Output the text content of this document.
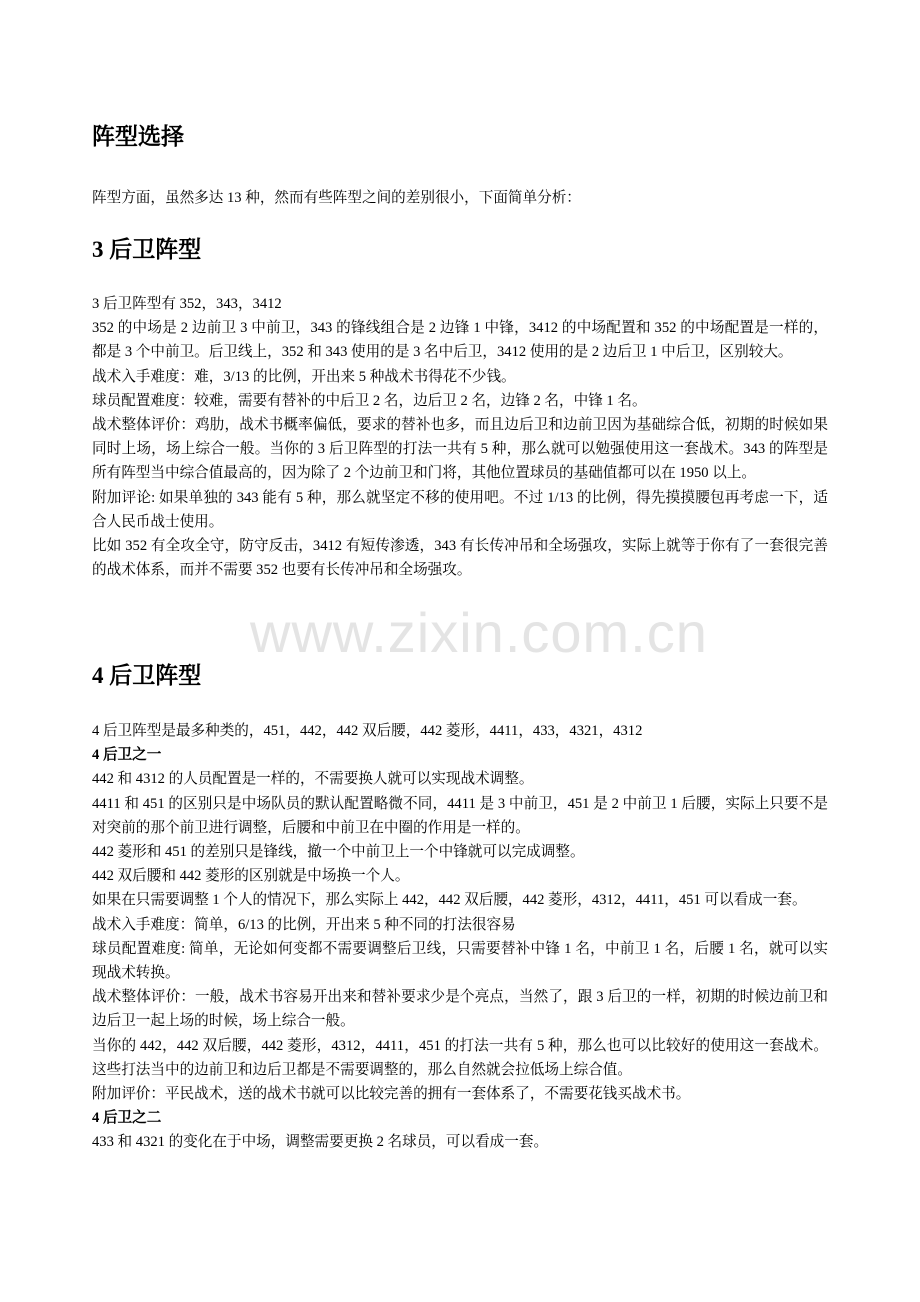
www.zixin.com.cn
阵型选择

阵型方面，虽然多达 13 种，然而有些阵型之间的差别很小，下面简单分析：

3 后卫阵型

3 后卫阵型有 352，343，3412

352 的中场是 2 边前卫 3 中前卫，343 的锋线组合是 2 边锋 1 中锋，3412 的中场配置和 352 的中场配置是一样的，都是 3 个中前卫。后卫线上，352 和 343 使用的是 3 名中后卫，3412 使用的是 2 边后卫 1 中后卫，区别较大。

战术入手难度：难，3/13 的比例，开出来 5 种战术书得花不少钱。

球员配置难度：较难，需要有替补的中后卫 2 名，边后卫 2 名，边锋 2 名，中锋 1 名。

战术整体评价：鸡肋，战术书概率偏低，要求的替补也多，而且边后卫和边前卫因为基础综合低，初期的时候如果同时上场，场上综合一般。当你的 3 后卫阵型的打法一共有 5 种，那么就可以勉强使用这一套战术。343 的阵型是所有阵型当中综合值最高的，因为除了 2 个边前卫和门将，其他位置球员的基础值都可以在 1950 以上。

附加评论: 如果单独的 343 能有 5 种，那么就坚定不移的使用吧。不过 1/13 的比例，得先摸摸腰包再考虑一下，适合人民币战士使用。

比如 352 有全攻全守，防守反击，3412 有短传渗透，343 有长传冲吊和全场强攻，实际上就等于你有了一套很完善的战术体系，而并不需要 352 也要有长传冲吊和全场强攻。

4 后卫阵型

4 后卫阵型是最多种类的，451，442，442 双后腰，442 菱形，4411，433，4321，4312

4 后卫之一

442 和 4312 的人员配置是一样的，不需要换人就可以实现战术调整。

4411 和 451 的区别只是中场队员的默认配置略微不同，4411 是 3 中前卫，451 是 2 中前卫 1 后腰，实际上只要不是对突前的那个前卫进行调整，后腰和中前卫在中圈的作用是一样的。

442 菱形和 451 的差别只是锋线，撤一个中前卫上一个中锋就可以完成调整。

442 双后腰和 442 菱形的区别就是中场换一个人。

如果在只需要调整 1 个人的情况下，那么实际上 442，442 双后腰，442 菱形，4312，4411，451 可以看成一套。

战术入手难度：简单，6/13 的比例，开出来 5 种不同的打法很容易

球员配置难度: 简单，无论如何变都不需要调整后卫线，只需要替补中锋 1 名，中前卫 1 名，后腰 1 名，就可以实现战术转换。

战术整体评价：一般，战术书容易开出来和替补要求少是个亮点，当然了，跟 3 后卫的一样，初期的时候边前卫和边后卫一起上场的时候，场上综合一般。

当你的 442，442 双后腰，442 菱形，4312，4411，451 的打法一共有 5 种，那么也可以比较好的使用这一套战术。这些打法当中的边前卫和边后卫都是不需要调整的，那么自然就会拉低场上综合值。

附加评价：平民战术，送的战术书就可以比较完善的拥有一套体系了，不需要花钱买战术书。

4 后卫之二

433 和 4321 的变化在于中场，调整需要更换 2 名球员，可以看成一套。
